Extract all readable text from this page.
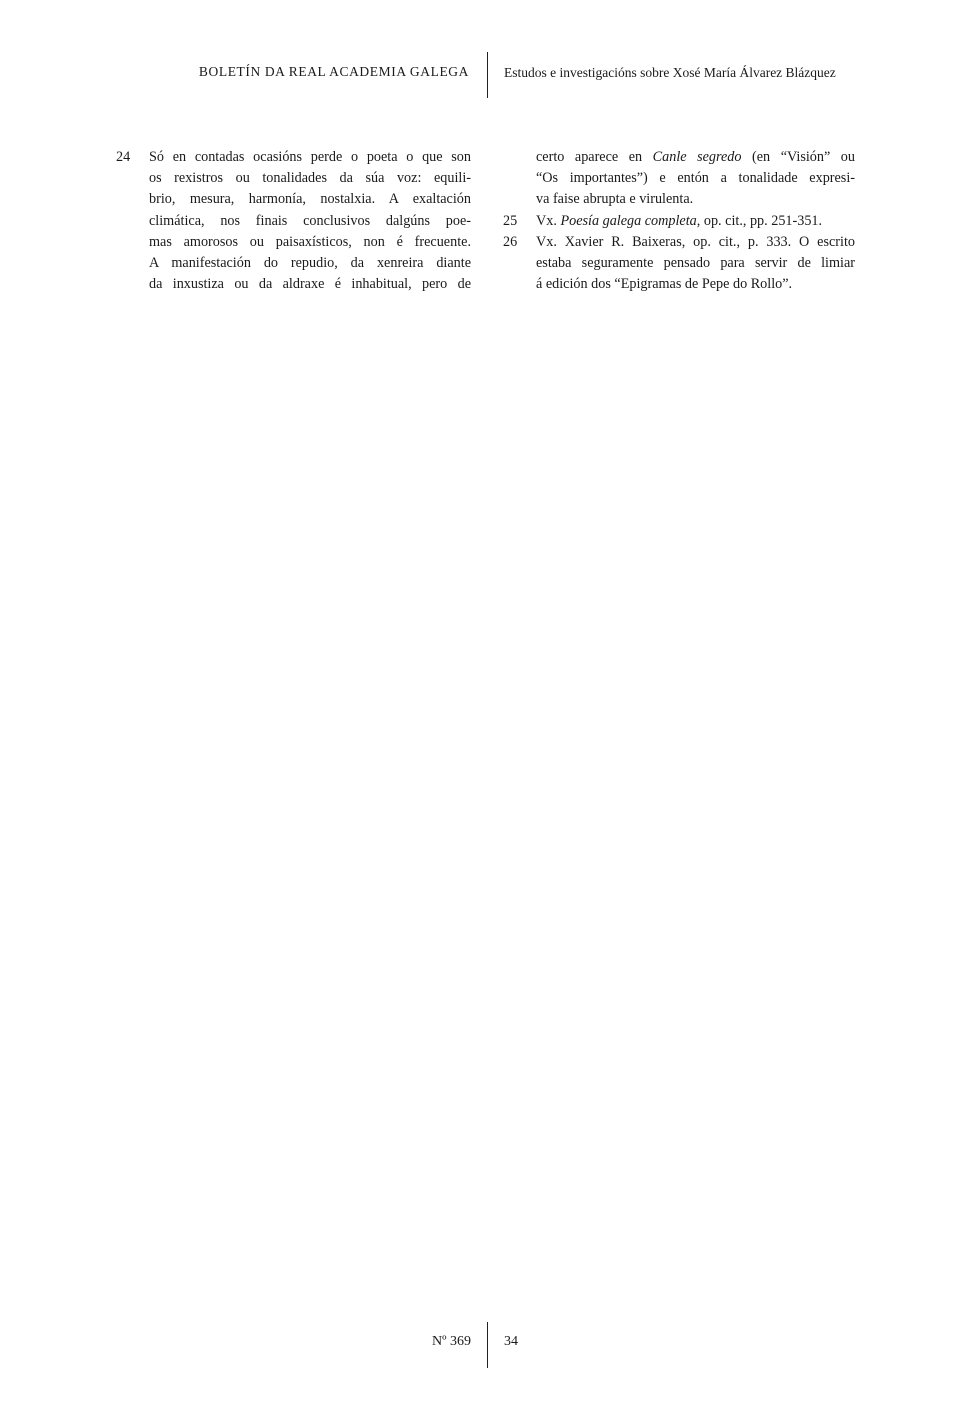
BOLETÍN DA REAL ACADEMIA GALEGA	Estudos e investigacións sobre Xosé María Álvarez Blázquez
24	Só en contadas ocasións perde o poeta o que son
os rexistros ou tonalidades da súa voz: equili-
brio, mesura, harmonía, nostalxia. A exaltación
climática, nos finais conclusivos dalgúns poe-
mas amorosos ou paisaxísticos, non é frecuente.
A manifestación do repudio, da xenreira diante
da inxustiza ou da aldraxe é inhabitual, pero de
certo aparece en Canle segredo (en “Visión” ou
“Os importantes”) e entón a tonalidade expresi-
va faise abrupta e virulenta.
25	Vx. Poesía galega completa, op. cit., pp. 251-351.
26	Vx. Xavier R. Baixeras, op. cit., p. 333. O escrito
estaba seguramente pensado para servir de limiar
á edición dos “Epigramas de Pepe do Rollo”.
Nº 369 34
